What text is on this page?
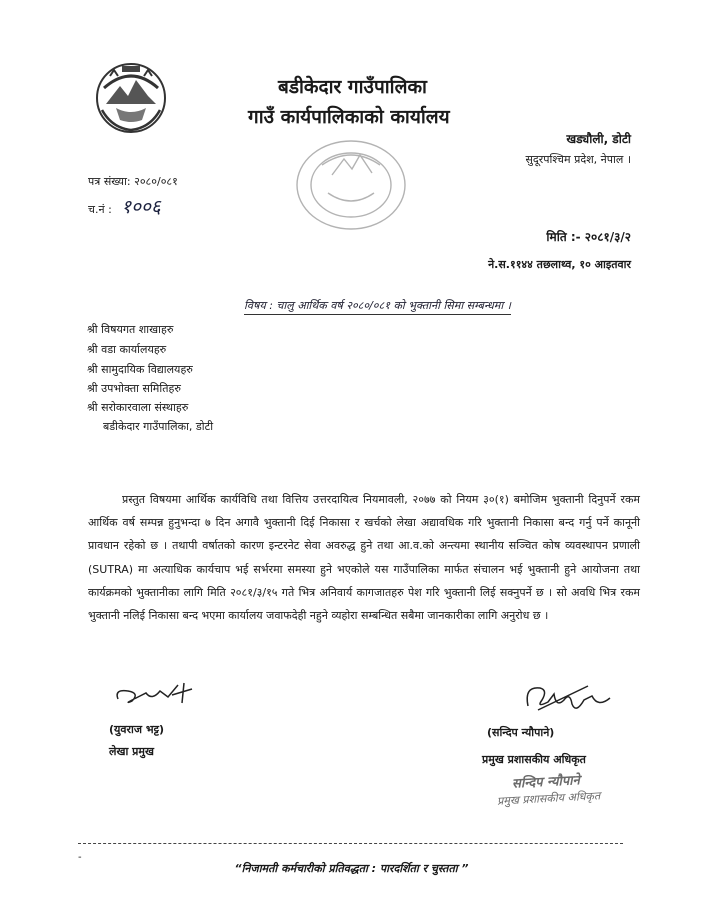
बडीकेदार गाउँपालिका
गाउँ कार्यपालिकाको कार्यालय
खड्यौली, डोटी
सुदूरपश्चिम प्रदेश, नेपाल ।
पत्र संख्या: २०८०/०८१
च.नं : १००६
मिति :- २०८१/३/२
ने.स.११४४ तछलाथ्व, १० आइतवार
विषय : चालु आर्थिक वर्ष २०८०/०८१ को भुक्तानी सिमा सम्बन्धमा ।
श्री विषयगत शाखाहरु
श्री वडा कार्यालयहरु
श्री सामुदायिक विद्यालयहरु
श्री उपभोक्ता समितिहरु
श्री सरोकारवाला संस्थाहरु
बडीकेदार गाउँपालिका, डोटी
प्रस्तुत विषयमा आर्थिक कार्यविधि तथा वित्तिय उत्तरदायित्व नियमावली, २०७७ को नियम ३०(१) बमोजिम भुक्तानी दिनुपर्ने रकम आर्थिक वर्ष सम्पन्न हुनुभन्दा ७ दिन अगावै भुक्तानी दिई निकासा र खर्चको लेखा अद्यावधिक गरि भुक्तानी निकासा बन्द गर्नु पर्ने कानूनी प्रावधान रहेको छ । तथापी वर्षातको कारण इन्टरनेट सेवा अवरुद्ध हुने तथा आ.व.को अन्त्यमा स्थानीय सञ्चित कोष व्यवस्थापन प्रणाली (SUTRA) मा अत्याधिक कार्यचाप भई सर्भरमा समस्या हुने भएकोले यस गाउँपालिका मार्फत संचालन भई भुक्तानी हुने आयोजना तथा कार्यक्रमको भुक्तानीका लागि मिति २०८१/३/१५ गते भित्र अनिवार्य कागजातहरु पेश गरि भुक्तानी लिई सक्नुपर्ने छ । सो अवधि भित्र रकम भुक्तानी नलिई निकासा बन्द भएमा कार्यालय जवाफदेही नहुने व्यहोरा सम्बन्धित सबैमा जानकारीका लागि अनुरोध छ ।
(युवराज भट्ट)
लेखा प्रमुख
(सन्दिप न्यौपाने)
प्रमुख प्रशासकीय अधिकृत
सन्दिप न्यौपाने
प्रमुख प्रशासकीय अधिकृत
-
“निजामती कर्मचारीको प्रतिवद्धता : पारदर्शिता र चुस्तता ”
